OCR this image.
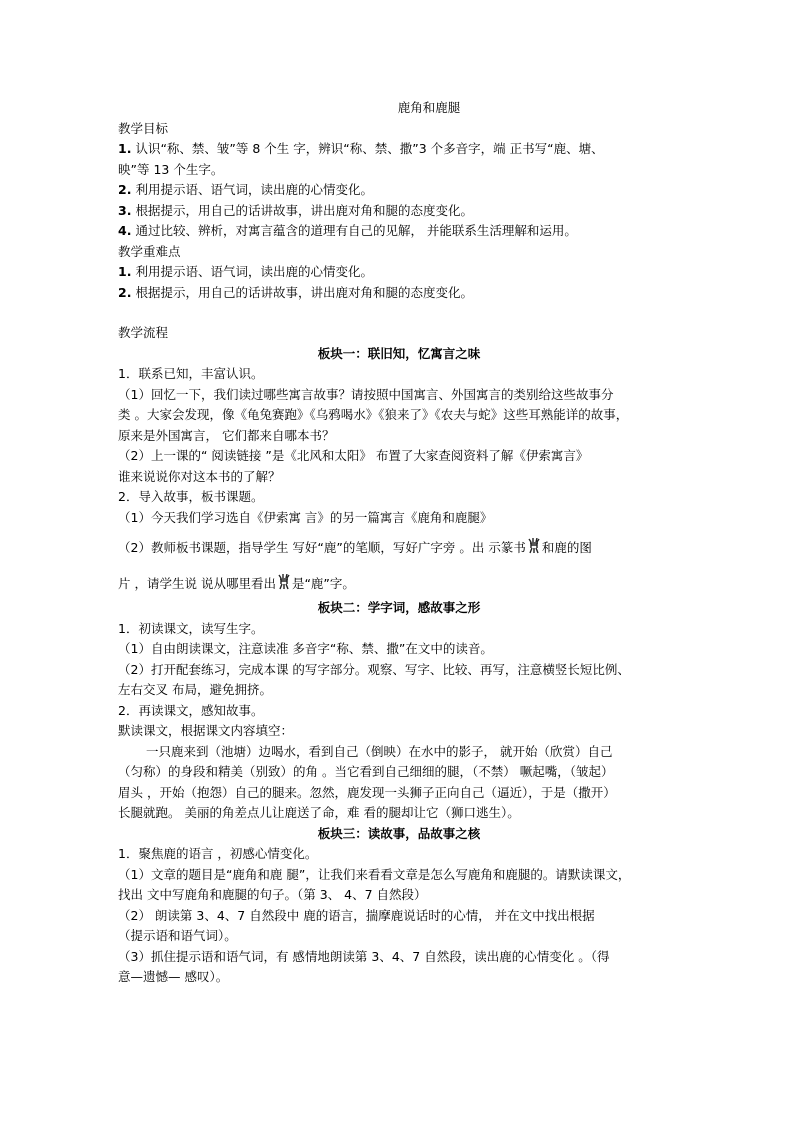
鹿角和鹿腿
教学目标
1. 认识“称、禁、皱”等 8 个生 字，辨识“称、禁、撒”3 个多音字，端 正书写“鹿、塘、
映”等 13 个生字。
2. 利用提示语、语气词，读出鹿的心情变化。
3. 根据提示，用自己的话讲故事，讲出鹿对角和腿的态度变化。
4. 通过比较、辨析，对寓言蕴含的道理有自己的见解， 并能联系生活理解和运用。
教学重难点
1. 利用提示语、语气词，读出鹿的心情变化。
2. 根据提示，用自己的话讲故事，讲出鹿对角和腿的态度变化。
教学流程
板块一：联旧知，忆寓言之味
1．联系已知，丰富认识。
（1）回忆一下，我们读过哪些寓言故事？请按照中国寓言、外国寓言的类别给这些故事分
类 。大家会发现，像《龟兔赛跑》《乌鸦喝水》《狼来了》《农夫与蛇》这些耳熟能详的故事，
原来是外国寓言， 它们都来自哪本书？
（2）上一课的“ 阅读链接 ”是《北风和太阳》 布置了大家查阅资料了解《伊索寓言》
谁来说说你对这本书的了解？
2．导入故事，板书课题。
（1）今天我们学习选自《伊索寓 言》的另一篇寓言《鹿角和鹿腿》
（2）教师板书课题，指导学生 写好“鹿”的笔顺，写好广字旁 。出 示篆书 和鹿的图
片 ，请学生说 说从哪里看出 是“鹿”字。
板块二：学字词，感故事之形
1．初读课文，读写生字。
（1）自由朗读课文，注意读准 多音字“称、禁、撒”在文中的读音。
（2）打开配套练习，完成本课 的写字部分。观察、写字、比较、再写，注意横竖长短比例、
左右交叉 布局，避免拥挤。
2．再读课文，感知故事。
默读课文，根据课文内容填空：
一只鹿来到（池塘）边喝水，看到自己（倒映）在水中的影子， 就开始（欣赏）自己
（匀称）的身段和精美（别致）的角 。当它看到自己细细的腿，（不禁） 噘起嘴，（皱起）
眉头 ，开始（抱怨）自己的腿来。忽然，鹿发现一头狮子正向自己（逼近），于是（撒开）
长腿就跑。 美丽的角差点儿让鹿送了命，难 看的腿却让它（狮口逃生）。
板块三：读故事，品故事之核
1．聚焦鹿的语言 ，初感心情变化。
（1）文章的题目是“鹿角和鹿 腿”，让我们来看看文章是怎么写鹿角和鹿腿的。请默读课文，
找出 文中写鹿角和鹿腿的句子。（第 3、 4、7 自然段）
（2） 朗读第 3、4、7 自然段中 鹿的语言，揣摩鹿说话时的心情， 并在文中找出根据
（提示语和语气词）。
（3）抓住提示语和语气词，有 感情地朗读第 3、4、7 自然段，读出鹿的心情变化 。（得
意—遗憾— 感叹）。
